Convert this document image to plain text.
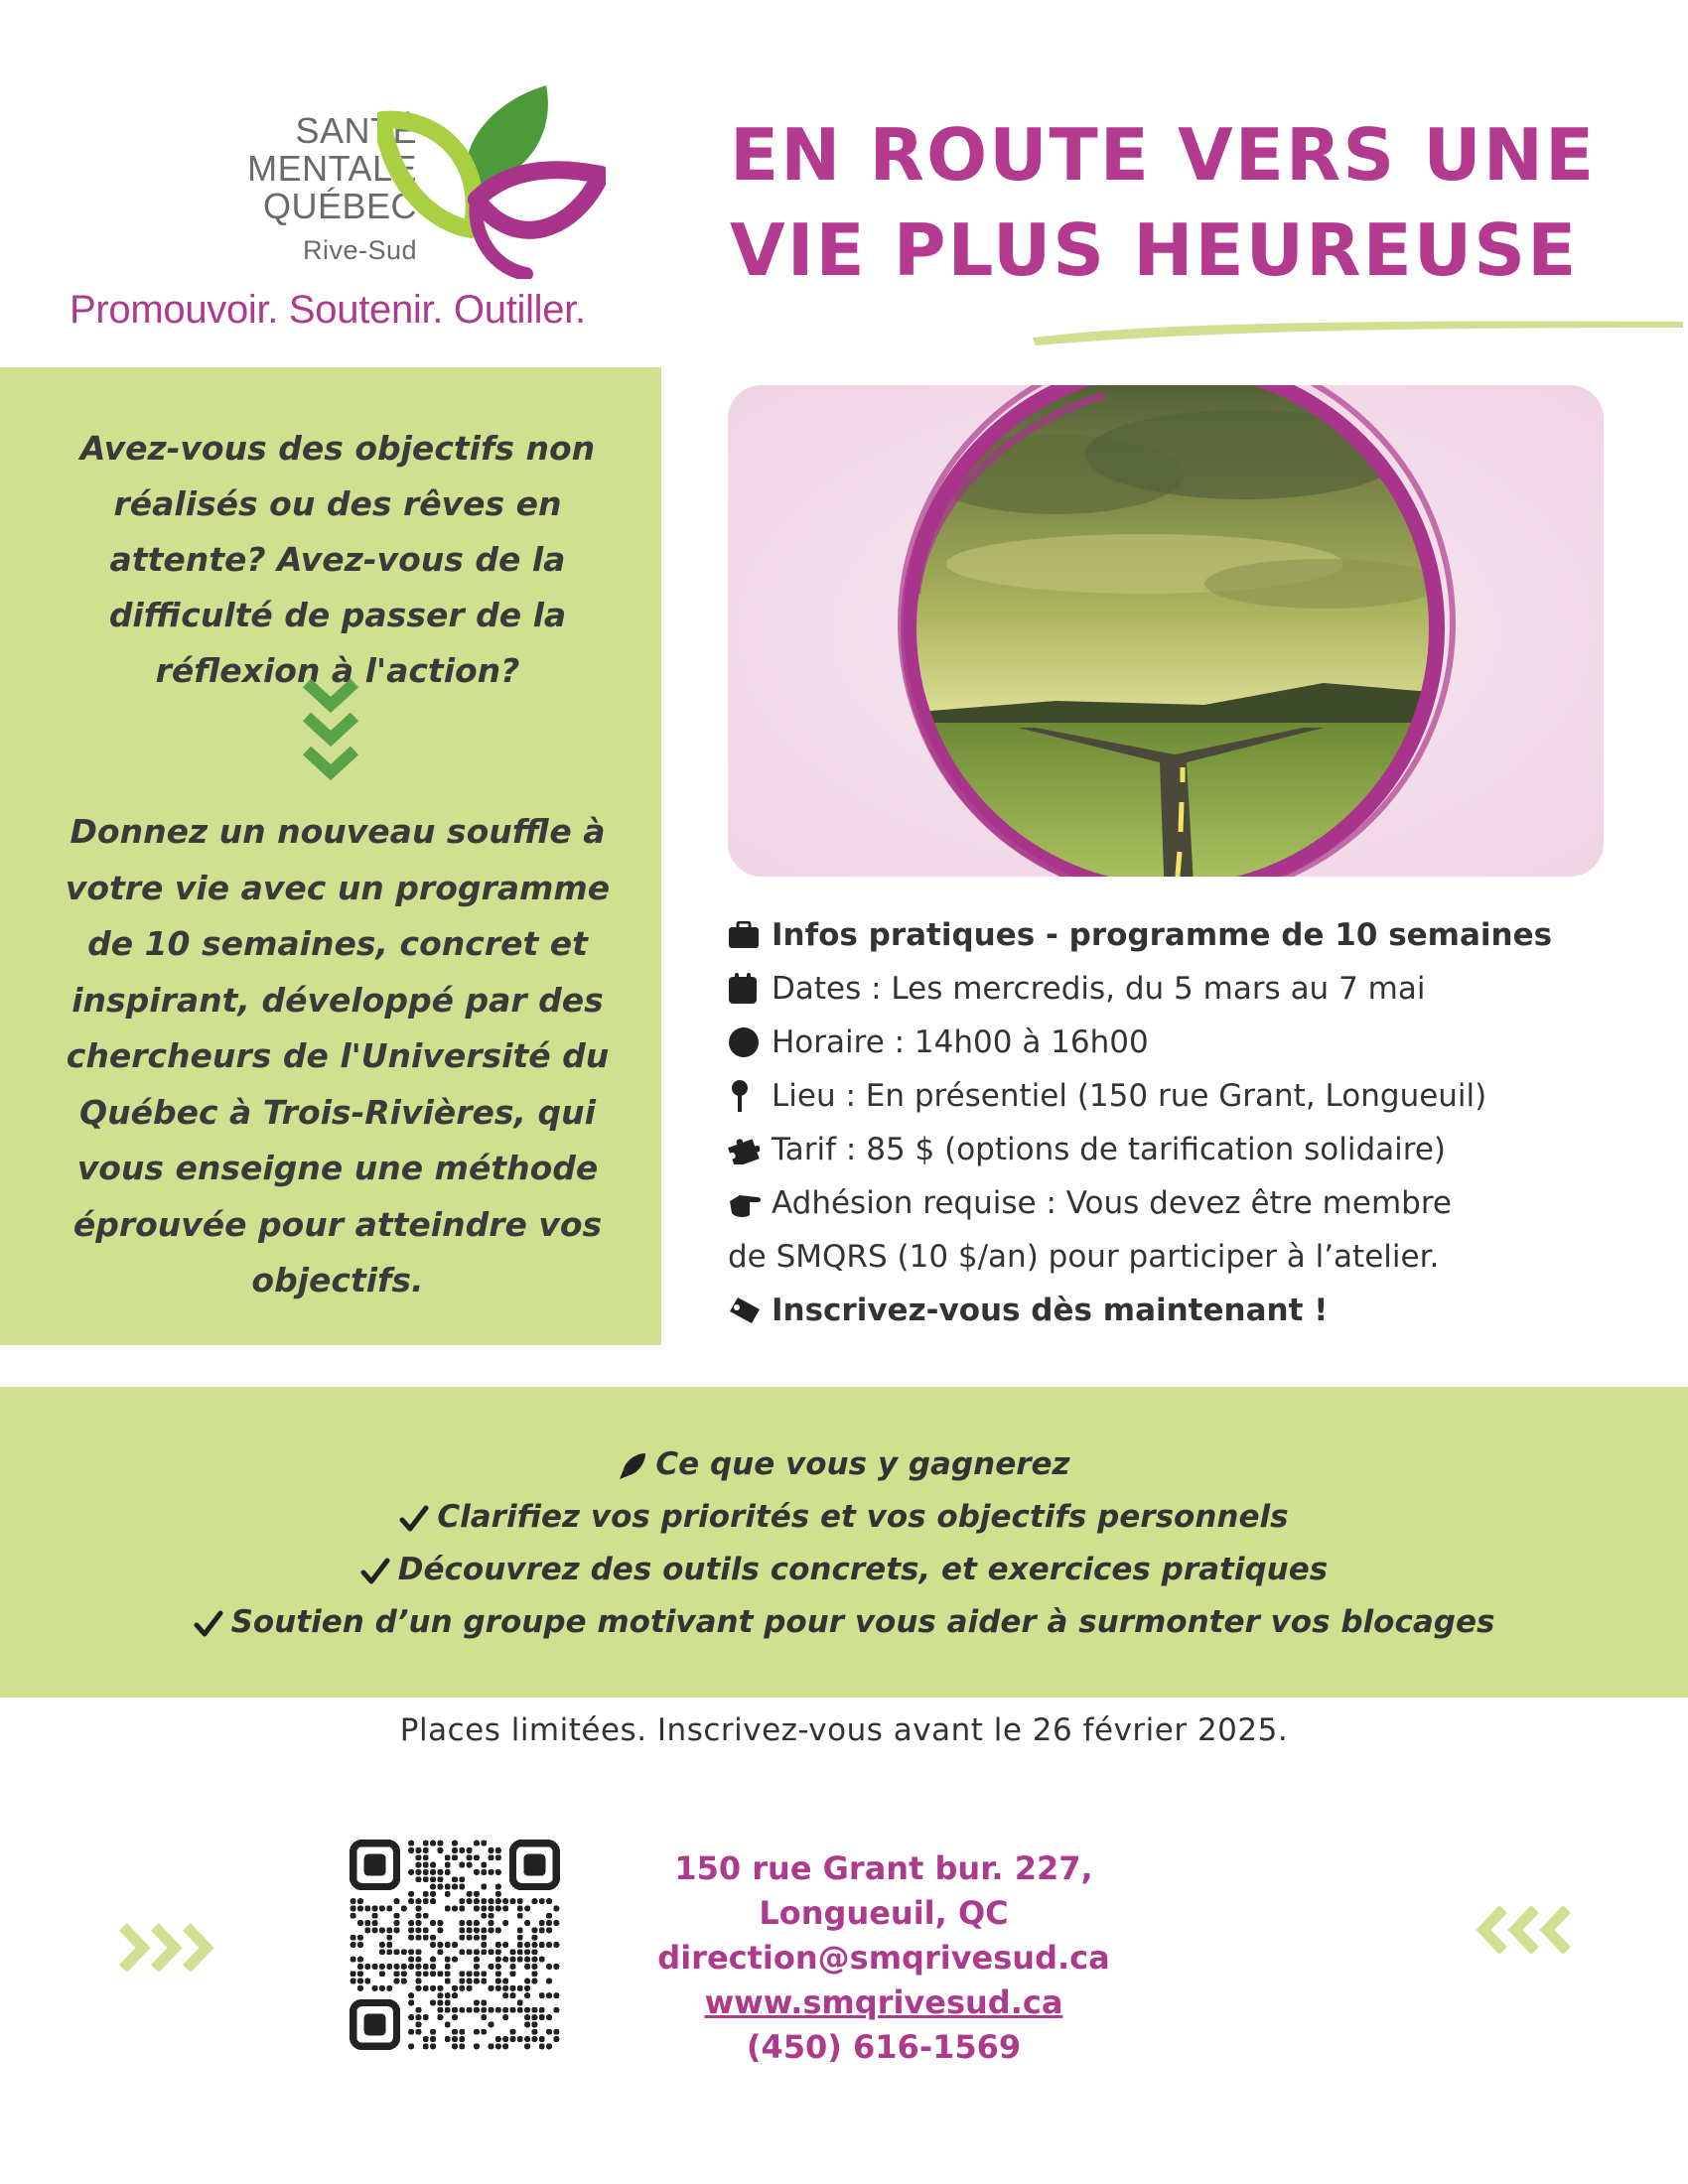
SANTÉ
MENTALE
QUÉBEC
Rive-Sud
Promouvoir. Soutenir. Outiller.
EN ROUTE VERS UNE
VIE PLUS HEUREUSE
Avez-vous des objectifs non réalisés ou des rêves en attente? Avez-vous de la difficulté de passer de la réflexion à l'action?
Donnez un nouveau souffle à votre vie avec un programme de 10 semaines, concret et inspirant, développé par des chercheurs de l'Université du Québec à Trois-Rivières, qui vous enseigne une méthode éprouvée pour atteindre vos objectifs.
Infos pratiques - programme de 10 semaines
Dates : Les mercredis, du 5 mars au 7 mai
Horaire : 14h00 à 16h00
Lieu : En présentiel (150 rue Grant, Longueuil)
Tarif : 85 $ (options de tarification solidaire)
Adhésion requise : Vous devez être membre
de SMQRS (10 $/an) pour participer à l’atelier.
Inscrivez-vous dès maintenant !
Ce que vous y gagnerez
Clarifiez vos priorités et vos objectifs personnels
Découvrez des outils concrets, et exercices pratiques
Soutien d’un groupe motivant pour vous aider à surmonter vos blocages
Places limitées. Inscrivez-vous avant le 26 février 2025.
150 rue Grant bur. 227, Longueuil, QC
direction@smqrivesud.ca
www.smqrivesud.ca
(450) 616-1569
